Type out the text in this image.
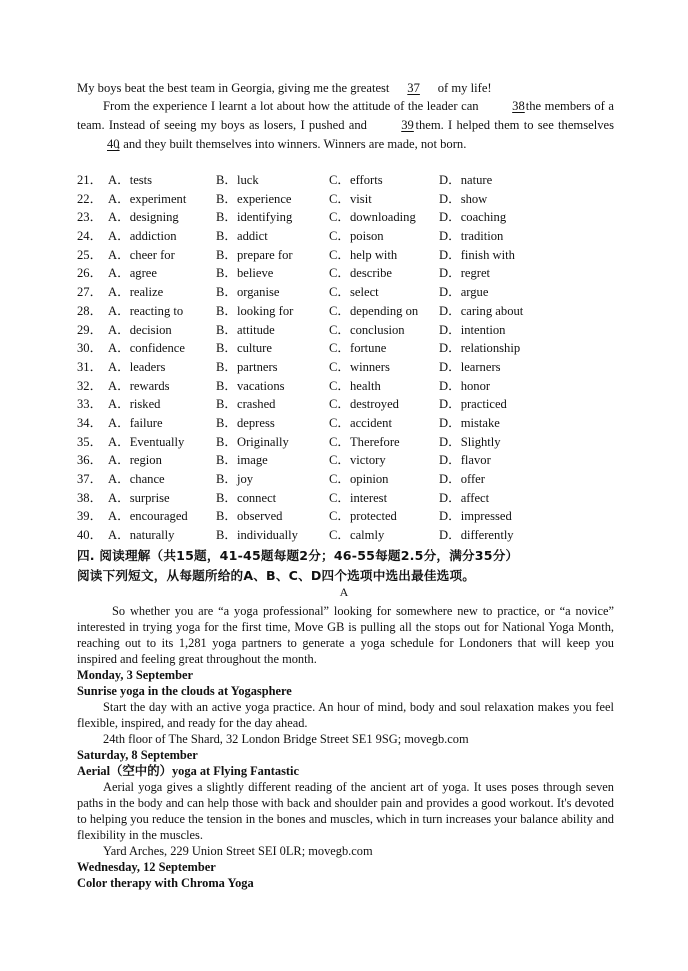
My boys beat the best team in Georgia, giving me the greatest 37 of my life!

From the experience I learnt a lot about how the attitude of the leader can	38 the members of a team. Instead of seeing my boys as losers, I pushed and	39 them. I helped them to see themselves 40, and they built themselves into winners. Winners are made, not born.

21． A．tests	B．luck	C．efforts	D．nature
22． A．experiment B．experience	C．visit	D．show
23． A．designing	B．identifying	C．downloading D．coaching
24． A．addiction	B．addict	C．poison	D．tradition
25． A．cheer for	B．prepare for	C．help with	D．finish with
26． A．agree	B．believe	C．describe	D．regret
27． A．realize	B．organise	C．select	D．argue
28． A．reacting to	B．looking for	C．depending on D．caring about
29． A．decision	B．attitude	C．conclusion	D．intention
30． A．confidence B．culture	C．fortune	D．relationship
31． A．leaders	B．partners	C．winners	D．learners
32． A．rewards	B．vacations	C．health	D．honor
33． A．risked	B．crashed	C．destroyed	D．practiced
34． A．failure	B．depress	C．accident	D．mistake
35． A．Eventually	B．Originally	C．Therefore	D．Slightly
36． A．region	B．image	C．victory	D．flavor
37． A．chance	B．joy	C．opinion	D．offer
38． A．surprise	B．connect	C．interest	D．affect
39． A．encouraged B．observed	C．protected	D．impressed
40． A．naturally	B．individually C．calmly	D．differently

四. 阅读理解（共15题，41-45题每题2分；46-55每题2.5分，满分35分）

阅读下列短文，从每题所给的A、B、C、D四个选项中选出最佳选项。

A

So whether you are “a yoga professional” looking for somewhere new to practice, or “a novice” interested in trying yoga for the first time, Move GB is pulling all the stops out for National Yoga Month, reaching out to its 1,281 yoga partners to generate a yoga schedule for Londoners that will keep you inspired and feeling great throughout the month.

Monday, 3 September

Sunrise yoga in the clouds at Yogasphere

Start the day with an active yoga practice. An hour of mind, body and soul relaxation makes you feel flexible, inspired, and ready for the day ahead.

24th floor of The Shard, 32 London Bridge Street SE1 9SG; movegb.com

Saturday, 8 September

Aerial（空中的）yoga at Flying Fantastic

Aerial yoga gives a slightly different reading of the ancient art of yoga. It uses poses through seven paths in the body and can help those with back and shoulder pain and provides a good workout. It's devoted to helping you reduce the tension in the bones and muscles, which in turn increases your balance ability and flexibility in the muscles.

Yard Arches, 229 Union Street SEI 0LR; movegb.com

Wednesday, 12 September

Color therapy with Chroma Yoga
